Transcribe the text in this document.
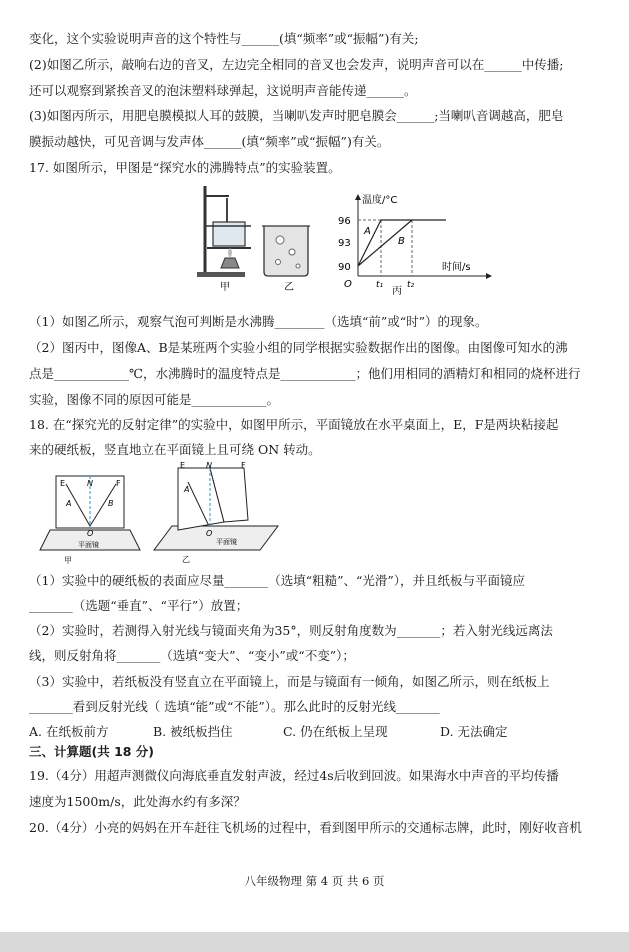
变化，这个实验说明声音的这个特性与______(填“频率”或“振幅”)有关;
(2)如图乙所示，敲响右边的音叉，左边完全相同的音叉也会发声，说明声音可以在______中传播;
还可以观察到紧挨音叉的泡沫塑料球弹起，这说明声音能传递______。
(3)如图丙所示，用肥皂膜模拟人耳的鼓膜，当喇叭发声时肥皂膜会______;当喇叭音调越高，肥皂
膜振动越快，可见音调与发声体______(填“频率”或“振幅”)有关。
17. 如图所示，甲图是“探究水的沸腾特点”的实验装置。
甲	乙
温度/°C
时间/s
O
96
93
90
A
B
t₁	t₂
丙
（1）如图乙所示，观察气泡可判断是水沸腾________（选填“前”或“时”）的现象。
（2）图丙中，图像A、B是某班两个实验小组的同学根据实验数据作出的图像。由图像可知水的沸
点是____________℃，水沸腾时的温度特点是____________；他们用相同的酒精灯和相同的烧杯进行
实验，图像不同的原因可能是____________。
18. 在“探究光的反射定律”的实验中，如图甲所示，平面镜放在水平桌面上，E，F是两块粘接起
来的硬纸板，竖直地立在平面镜上且可绕 ON 转动。
E	N	F
A	B
O
平面镜
甲
E	N	F
A
O
平面镜
乙
（1）实验中的硬纸板的表面应尽量_______（选填“粗糙”、“光滑”），并且纸板与平面镜应
_______（选题“垂直”、“平行”）放置；
（2）实验时，若测得入射光线与镜面夹角为35°，则反射角度数为_______；若入射光线远离法
线，则反射角将_______（选填“变大”、“变小”或“不变”）；
（3）实验中，若纸板没有竖直立在平面镜上，而是与镜面有一倾角，如图乙所示，则在纸板上
_______看到反射光线（ 选填“能”或“不能”）。那么此时的反射光线_______
A. 在纸板前方	B. 被纸板挡住	C. 仍在纸板上呈现	D. 无法确定
三、计算题(共 18 分)
19.（4分）用超声测微仪向海底垂直发射声波，经过4s后收到回波。如果海水中声音的平均传播
速度为1500m/s，此处海水约有多深？
20.（4分）小亮的妈妈在开车赶往飞机场的过程中，看到图甲所示的交通标志牌，此时，刚好收音机
八年级物理 第 4 页 共 6 页
